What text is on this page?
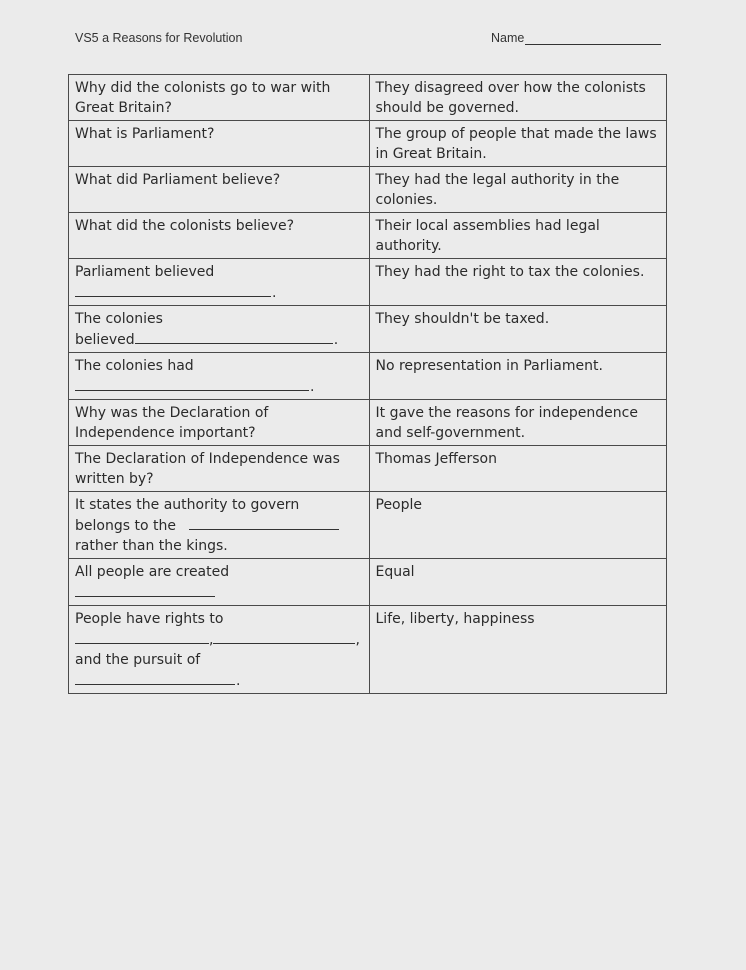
VS5 a Reasons for Revolution	Name
Why did the colonists go to war with Great Britain?	They disagreed over how the colonists should be governed.
What is Parliament?	The group of people that made the laws in Great Britain.
What did Parliament believe?	They had the legal authority in the colonies.
What did the colonists believe?	Their local assemblies had legal authority.

Parliament believed
.	They had the right to tax the colonies.

The colonies
believed .	They shouldn't be taxed.

The colonies had
.	No representation in Parliament.
Why was the Declaration of Independence important?	It gave the reasons for independence and self-government.
The Declaration of Independence was written by?	Thomas Jefferson

It states the authority to govern
belongs to the
rather than the kings.	People

All people are created	Equal

People have rights to
, ,
and the pursuit of
.	Life, liberty, happiness
